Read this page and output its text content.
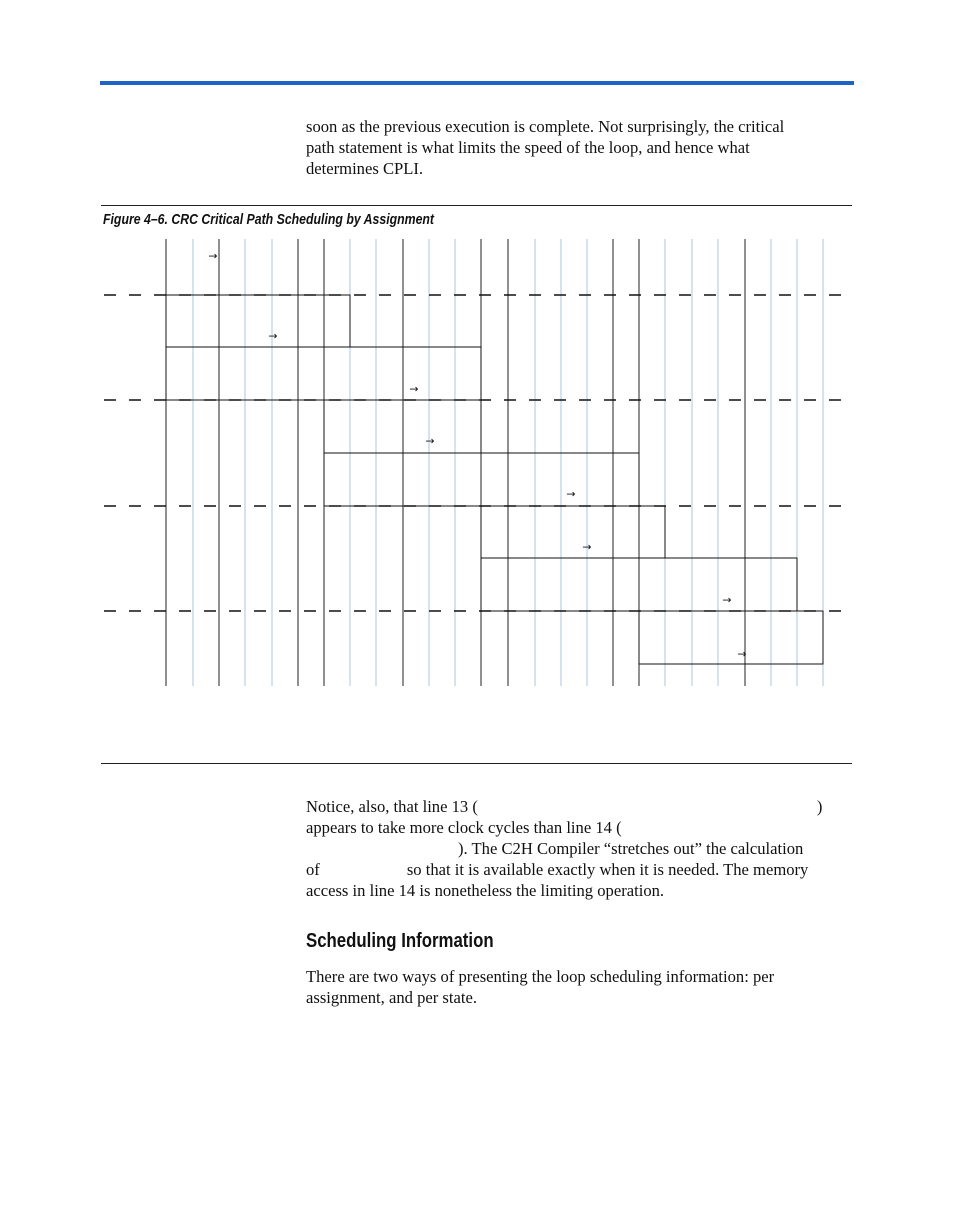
soon as the previous execution is complete. Not surprisingly, the critical
path statement is what limits the speed of the loop, and hence what
determines CPLI.
Figure 4–6. CRC Critical Path Scheduling by Assignment
→
→
→
→
→
→
→
→
Notice, also, that line 13 (	)
appears to take more clock cycles than line 14 (
). The C2H Compiler “stretches out” the calculation
of	so that it is available exactly when it is needed. The memory
access in line 14 is nonetheless the limiting operation.
Scheduling Information
There are two ways of presenting the loop scheduling information: per
assignment, and per state.
